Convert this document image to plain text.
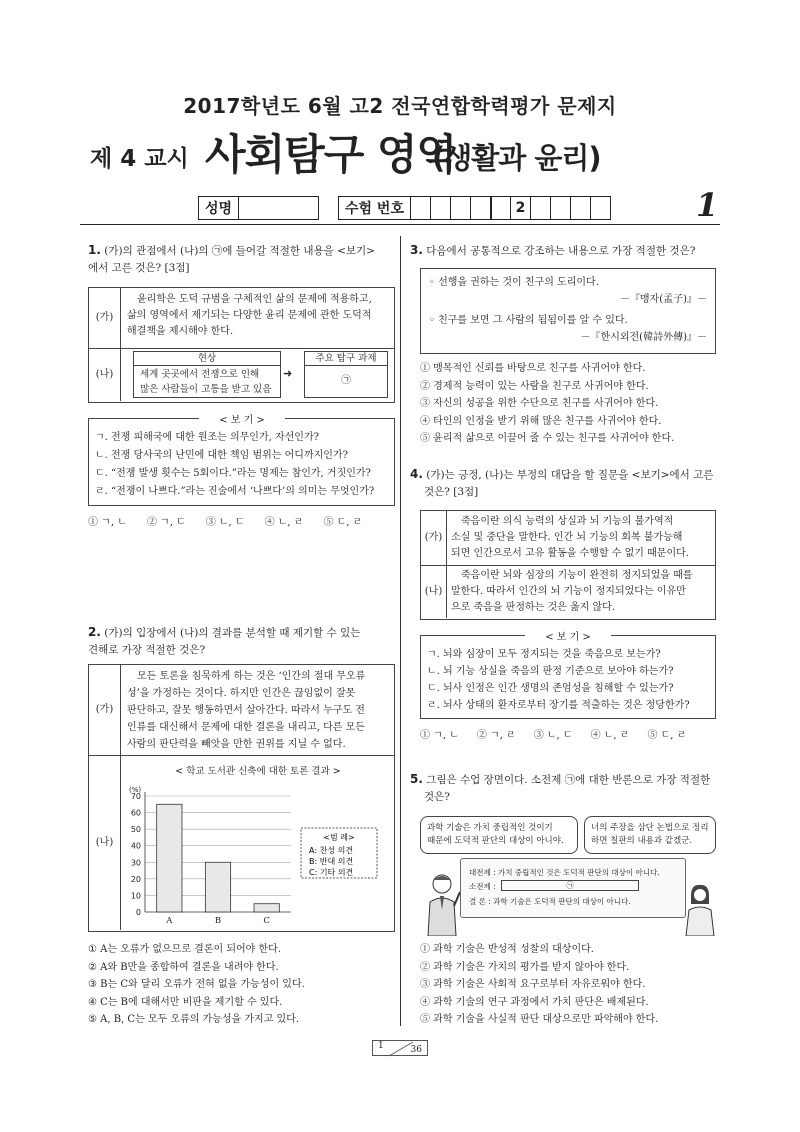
2017학년도 6월 고2 전국연합학력평가 문제지
제 4 교시 사회탐구 영역
(생활과 윤리)
성명			수험 번호						2					1
1. (가)의 관점에서 (나)의 ㉠에 들어갈 적절한 내용을 <보기>
에서 고른 것은? [3점]
(가)
윤리학은 도덕 규범을 구체적인 삶의 문제에 적용하고,
삶의 영역에서 제기되는 다양한 윤리 문제에 관한 도덕적
해결책을 제시해야 한다.
(나)
현상
세계 곳곳에서 전쟁으로 인해
많은 사람들이 고통을 받고 있음
➜
주요 탐구 과제
㉠
< 보 기 >
ㄱ. 전쟁 피해국에 대한 원조는 의무인가, 자선인가?
ㄴ. 전쟁 당사국의 난민에 대한 책임 범위는 어디까지인가?
ㄷ. “전쟁 발생 횟수는 5회이다.”라는 명제는 참인가, 거짓인가?
ㄹ. “전쟁이 나쁘다.”라는 진술에서 ‘나쁘다’의 의미는 무엇인가?
① ㄱ, ㄴ ② ㄱ, ㄷ ③ ㄴ, ㄷ ④ ㄴ, ㄹ ⑤ ㄷ, ㄹ
2. (가)의 입장에서 (나)의 결과를 분석할 때 제기할 수 있는
견해로 가장 적절한 것은?
(가)
모든 토론을 침묵하게 하는 것은 ‘인간의 절대 무오류
성’을 가정하는 것이다. 하지만 인간은 끊임없이 잘못
판단하고, 잘못 행동하면서 살아간다. 따라서 누구도 전
인류를 대신해서 문제에 대한 결론을 내리고, 다른 모든
사람의 판단력을 빼앗을 만한 권위를 지닐 수 없다.
(나)
< 학교 도서관 신축에 대한 토론 결과 >
(%)
0
10
20
30
40
50
60
70
A	B	C
<범 례>
A: 찬성 의견
B: 반대 의견
C: 기타 의견
① A는 오류가 없으므로 결론이 되어야 한다.
② A와 B만을 종합하여 결론을 내려야 한다.
③ B는 C와 달리 오류가 전혀 없을 가능성이 있다.
④ C는 B에 대해서만 비판을 제기할 수 있다.
⑤ A, B, C는 모두 오류의 가능성을 가지고 있다.
3. 다음에서 공통적으로 강조하는 내용으로 가장 적절한 것은?
◦ 선행을 권하는 것이 친구의 도리이다.
－『맹자(孟子)』－
◦ 친구를 보면 그 사람의 됨됨이를 알 수 있다.
－『한시외전(韓詩外傳)』－
① 맹목적인 신뢰를 바탕으로 친구를 사귀어야 한다.
② 경제적 능력이 있는 사람을 친구로 사귀어야 한다.
③ 자신의 성공을 위한 수단으로 친구를 사귀어야 한다.
④ 타인의 인정을 받기 위해 많은 친구를 사귀어야 한다.
⑤ 윤리적 삶으로 이끌어 줄 수 있는 친구를 사귀어야 한다.
4. (가)는 긍정, (나)는 부정의 대답을 할 질문을 <보기>에서 고른
것은? [3점]
(가)
죽음이란 의식 능력의 상실과 뇌 기능의 불가역적
소실 및 중단을 말한다. 인간 뇌 기능의 회복 불가능해
되면 인간으로서 고유 활동을 수행할 수 없기 때문이다.
(나)
죽음이란 뇌와 심장의 기능이 완전히 정지되었을 때를
말한다. 따라서 인간의 뇌 기능이 정지되었다는 이유만
으로 죽음을 판정하는 것은 옳지 않다.
< 보 기 >
ㄱ. 뇌와 심장이 모두 정지되는 것을 죽음으로 보는가?
ㄴ. 뇌 기능 상실을 죽음의 판정 기준으로 보아야 하는가?
ㄷ. 뇌사 인정은 인간 생명의 존엄성을 침해할 수 있는가?
ㄹ. 뇌사 상태의 환자로부터 장기를 적출하는 것은 정당한가?
① ㄱ, ㄴ ② ㄱ, ㄹ ③ ㄴ, ㄷ ④ ㄴ, ㄹ ⑤ ㄷ, ㄹ
5. 그림은 수업 장면이다. 소전제 ㉠에 대한 반론으로 가장 적절한
것은?
과학 기술은 가치 중립적인 것이기
때문에 도덕적 판단의 대상이 아니야.
너의 주장을 삼단 논법으로 정리
하면 칠판의 내용과 같겠군.
대전제 : 가치 중립적인 것은 도덕적 판단의 대상이 아니다.
소전제 :	㉠
결 론 : 과학 기술은 도덕적 판단의 대상이 아니다.
① 과학 기술은 반성적 성찰의 대상이다.
② 과학 기술은 가치의 평가를 받지 않아야 한다.
③ 과학 기술은 사회적 요구로부터 자유로워야 한다.
④ 과학 기술의 연구 과정에서 가치 판단은 배제된다.
⑤ 과학 기술을 사실적 판단 대상으로만 파악해야 한다.
1	36
